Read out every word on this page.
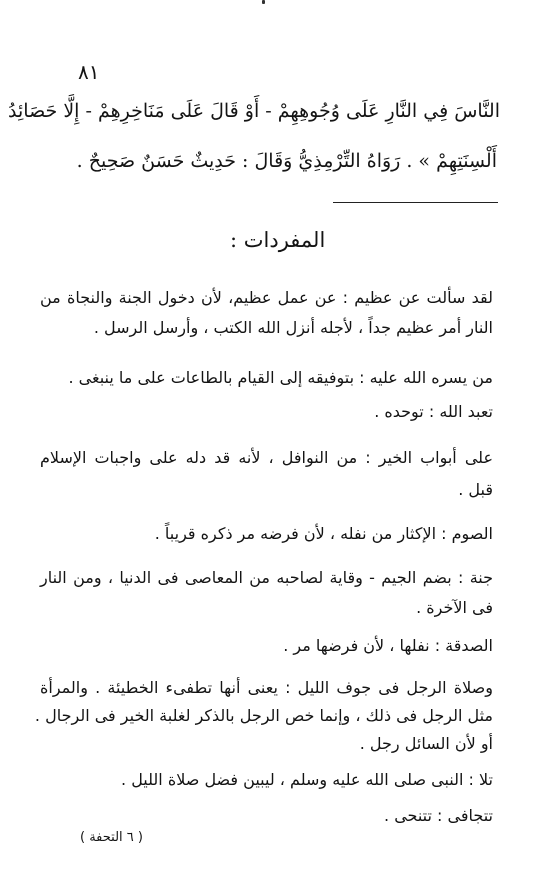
٨١
النَّاسَ فِي النَّارِ عَلَى وُجُوهِهِمْ - أَوْ قَالَ عَلَى مَنَاخِرِهِمْ - إِلَّا حَصَائِدُ
أَلْسِنَتِهِمْ » . رَوَاهُ التِّرْمِذِيُّ وَقَالَ : حَدِيثٌ حَسَنٌ صَحِيحٌ .
المفردات :
لقد سألت عن عظيم : عن عمل عظيم، لأن دخول الجنة والنجاة من
النار أمر عظيم جداً ، لأجله أنزل الله الكتب ، وأرسل الرسل .
من يسره الله عليه : بتوفيقه إلى القيام بالطاعات على ما ينبغى .
تعبد الله : توحده .
على أبواب الخير : من النوافل ، لأنه قد دله على واجبات الإسلام
قبل .
الصوم : الإكثار من نفله ، لأن فرضه مر ذكره قريباً .
جنة : بضم الجيم - وقاية لصاحبه من المعاصى فى الدنيا ، ومن النار
فى الآخرة .
الصدقة : نفلها ، لأن فرضها مر .
وصلاة الرجل فى جوف الليل : يعنى أنها تطفىء الخطيئة . والمرأة
مثل الرجل فى ذلك ، وإنما خص الرجل بالذكر لغلبة الخير فى الرجال .
أو لأن السائل رجل .
تلا : النبى صلى الله عليه وسلم ، ليبين فضل صلاة الليل .
تتجافى : تتنحى .
( ٦ التحفة )
